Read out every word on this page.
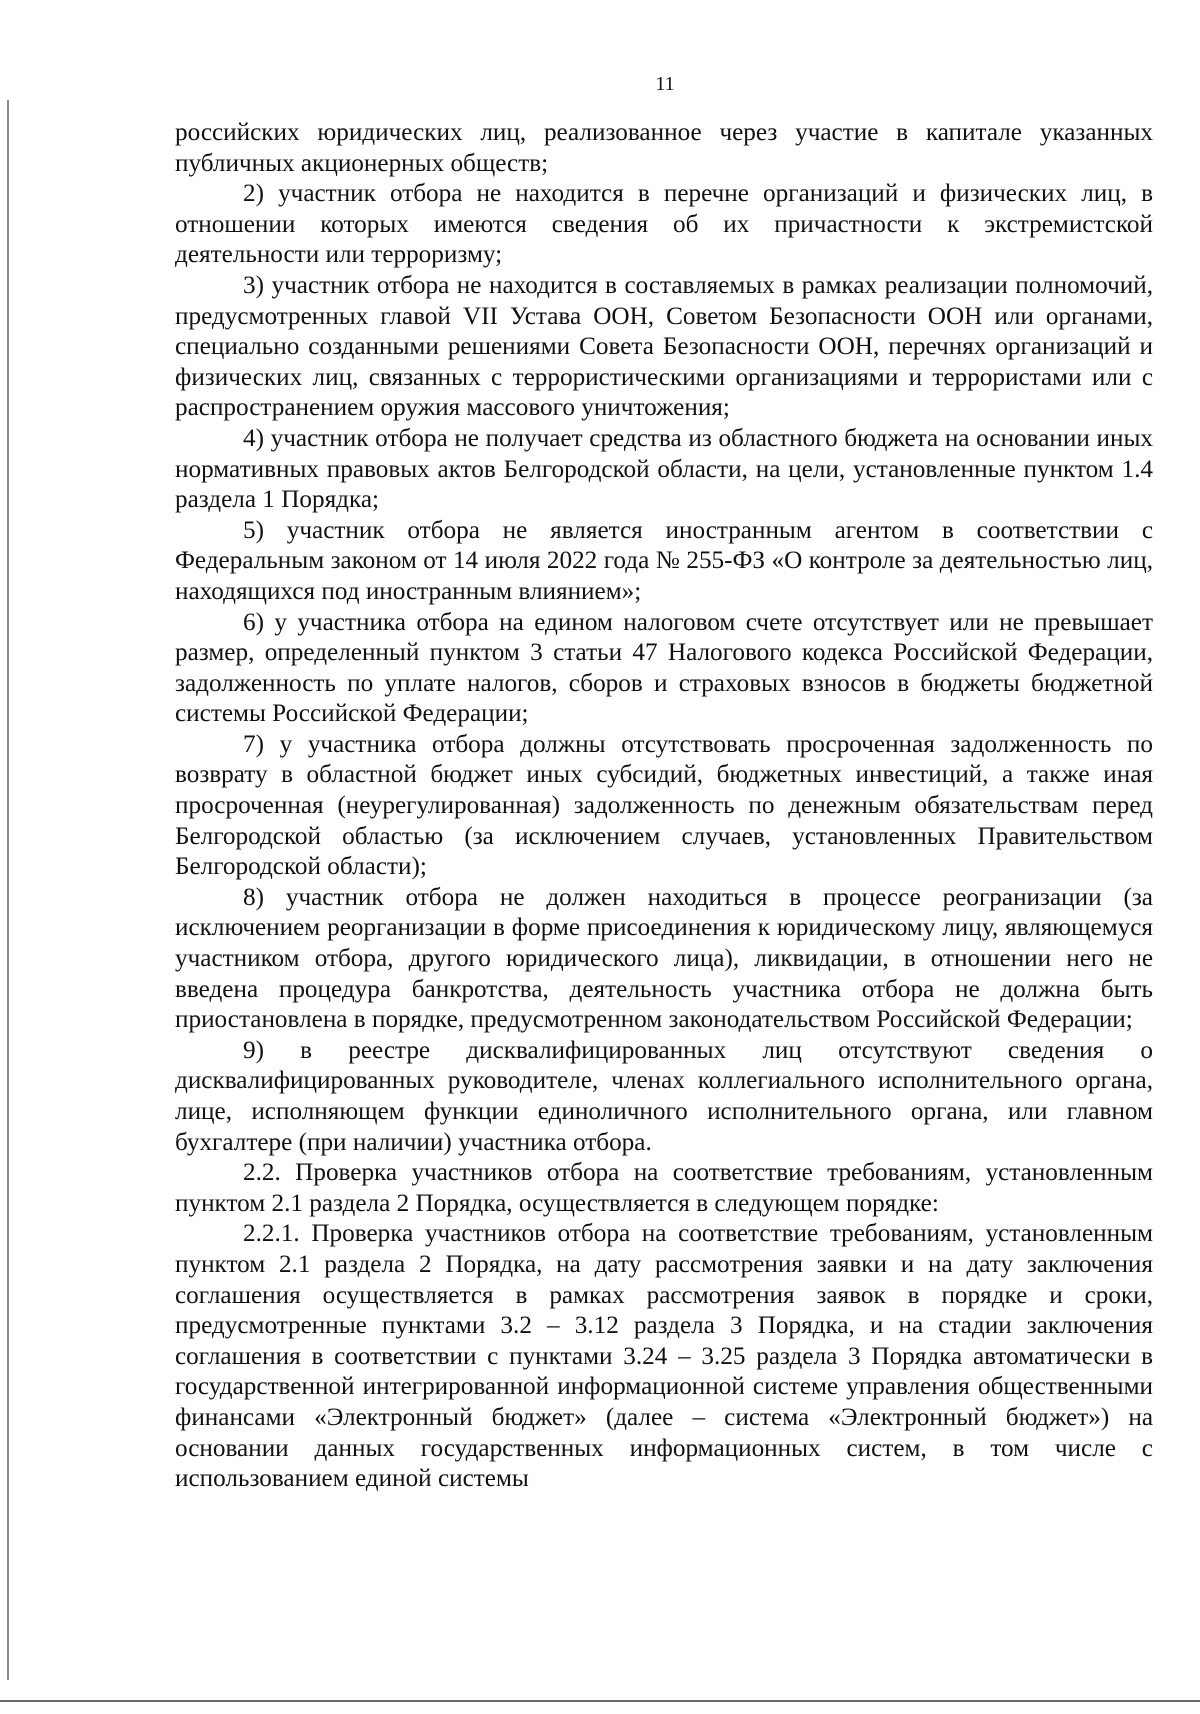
11

российских юридических лиц, реализованное через участие в капитале указанных публичных акционерных обществ;

2) участник отбора не находится в перечне организаций и физических лиц, в отношении которых имеются сведения об их причастности к экстремистской деятельности или терроризму;

3) участник отбора не находится в составляемых в рамках реализации полномочий, предусмотренных главой VII Устава ООН, Советом Безопасности ООН или органами, специально созданными решениями Совета Безопасности ООН, перечнях организаций и физических лиц, связанных с террористическими организациями и террористами или с распространением оружия массового уничтожения;

4) участник отбора не получает средства из областного бюджета на основании иных нормативных правовых актов Белгородской области, на цели, установленные пунктом 1.4 раздела 1 Порядка;

5) участник отбора не является иностранным агентом в соответствии с Федеральным законом от 14 июля 2022 года № 255-ФЗ «О контроле за деятельностью лиц, находящихся под иностранным влиянием»;

6) у участника отбора на едином налоговом счете отсутствует или не превышает размер, определенный пунктом 3 статьи 47 Налогового кодекса Российской Федерации, задолженность по уплате налогов, сборов и страховых взносов в бюджеты бюджетной системы Российской Федерации;

7) у участника отбора должны отсутствовать просроченная задолженность по возврату в областной бюджет иных субсидий, бюджетных инвестиций, а также иная просроченная (неурегулированная) задолженность по денежным обязательствам перед Белгородской областью (за исключением случаев, установленных Правительством Белгородской области);

8) участник отбора не должен находиться в процессе реогранизации (за исключением реорганизации в форме присоединения к юридическому лицу, являющемуся участником отбора, другого юридического лица), ликвидации, в отношении него не введена процедура банкротства, деятельность участника отбора не должна быть приостановлена в порядке, предусмотренном законодательством Российской Федерации;

9) в реестре дисквалифицированных лиц отсутствуют сведения о дисквалифицированных руководителе, членах коллегиального исполнительного органа, лице, исполняющем функции единоличного исполнительного органа, или главном бухгалтере (при наличии) участника отбора.

2.2. Проверка участников отбора на соответствие требованиям, установленным пунктом 2.1 раздела 2 Порядка, осуществляется в следующем порядке:

2.2.1. Проверка участников отбора на соответствие требованиям, установленным пунктом 2.1 раздела 2 Порядка, на дату рассмотрения заявки и на дату заключения соглашения осуществляется в рамках рассмотрения заявок в порядке и сроки, предусмотренные пунктами 3.2 – 3.12 раздела 3 Порядка, и на стадии заключения соглашения в соответствии с пунктами 3.24 – 3.25 раздела 3 Порядка автоматически в государственной интегрированной информационной системе управления общественными финансами «Электронный бюджет» (далее – система «Электронный бюджет») на основании данных государственных информационных систем, в том числе с использованием единой системы
